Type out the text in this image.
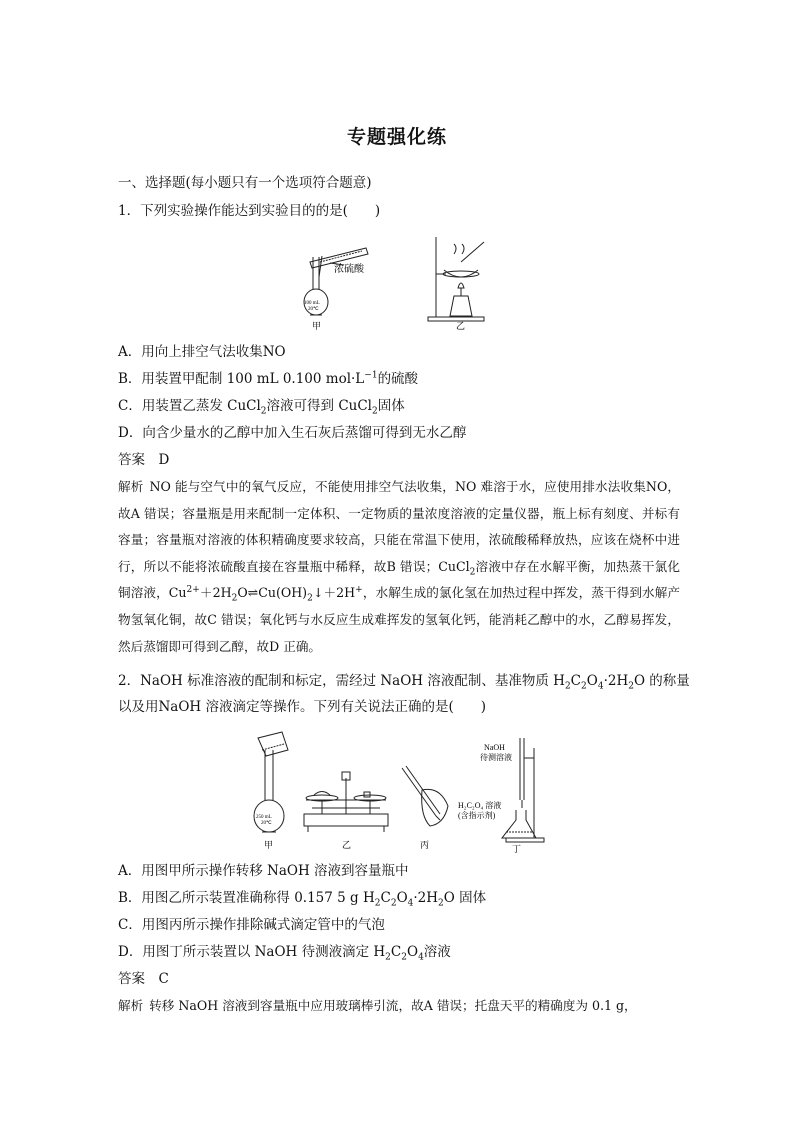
专题强化练
一、选择题(每小题只有一个选项符合题意)
1．下列实验操作能达到实验目的的是(　　)
100 mL
20℃
浓硫酸
甲	乙
A．用向上排空气法收集NO
B．用装置甲配制 100 mL 0.100 $mol\cdot L^{-1}$的硫酸
C．用装置乙蒸发 CuCl$_2$溶液可得到 CuCl$_2$固体
D．向含少量水的乙醇中加入生石灰后蒸馏可得到无水乙醇
答案　D
解析 NO 能与空气中的氧气反应，不能使用排空气法收集，NO 难溶于水，应使用排水法收集NO，故A 错误；容量瓶是用来配制一定体积、一定物质的量浓度溶液的定量仪器，瓶上标有刻度、并标有容量；容量瓶对溶液的体积精确度要求较高，只能在常温下使用，浓硫酸稀释放热，应该在烧杯中进行，所以不能将浓硫酸直接在容量瓶中稀释，故B 错误；CuCl$_2$溶液中存在水解平衡，加热蒸干氯化铜溶液，$Cu^{2+}+2H_2O\rightleftharpoons Cu(OH)_2↓+2H^+$，水解生成的氯化氢在加热过程中挥发，蒸干得到水解产物氢氧化铜，故C 错误；氧化钙与水反应生成难挥发的氢氧化钙，能消耗乙醇中的水，乙醇易挥发，然后蒸馏即可得到乙醇，故D 正确。
2．NaOH 标准溶液的配制和标定，需经过 NaOH 溶液配制、基准物质 $H_2C_2O_4\cdot 2H_2O$ 的称量
以及用NaOH 溶液滴定等操作。下列有关说法正确的是(　　)
250 mL
20℃
NaOH
待测溶液
H₂C₂O₄ 溶液
(含指示剂)
甲	乙	丙	丁
A．用图甲所示操作转移 NaOH 溶液到容量瓶中
B．用图乙所示装置准确称得 0.157 5 g $H_2C_2O_4\cdot 2H_2O$ 固体
C．用图丙所示操作排除碱式滴定管中的气泡
D．用图丁所示装置以 NaOH 待测液滴定 $H_2C_2O_4$溶液
答案　C
解析 转移 NaOH 溶液到容量瓶中应用玻璃棒引流，故A 错误；托盘天平的精确度为 0.1 g，
